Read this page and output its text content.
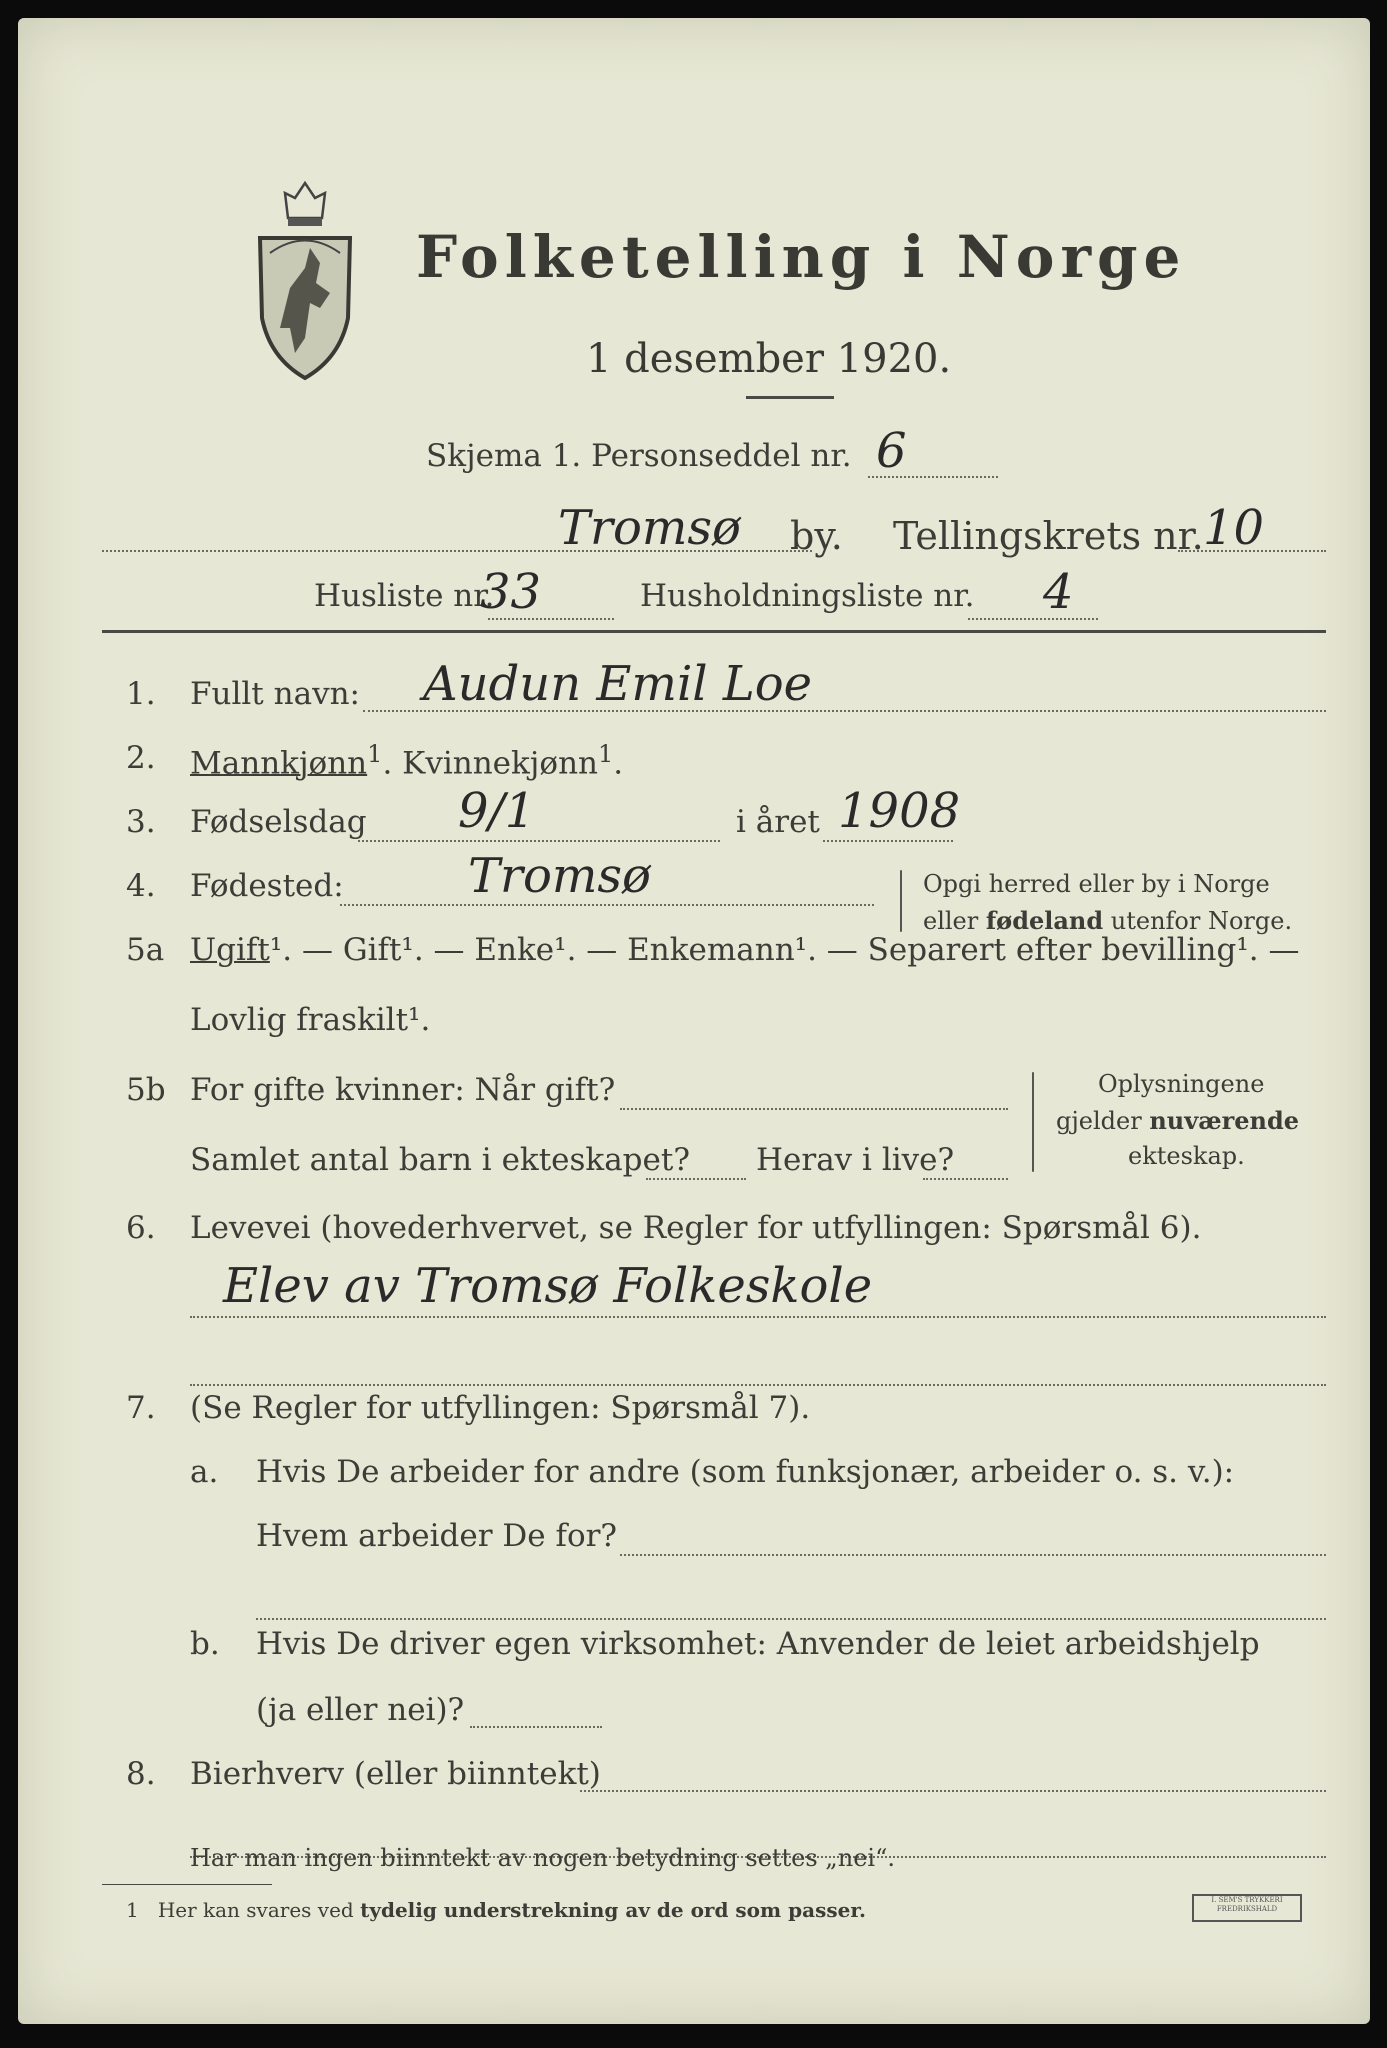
Folketelling i Norge
1 desember 1920.
Skjema 1. Personseddel nr. 6
Tromsø by. Tellingskrets nr. 10
Husliste nr.
33	Husholdningsliste nr. 4
1. Fullt navn: Audun Emil Loe
2. Mannkjønn$^1$. Kvinnekjønn$^1$.
3. Fødselsdag 9/1	i året 1908
4. Fødested:	Tromsø	Opgi herred eller by i Norge
eller fødeland utenfor Norge.
5a Ugift¹. — Gift¹. — Enke¹. — Enkemann¹. — Separert efter bevilling¹. —
Lovlig fraskilt¹.
5b For gifte kvinner: Når gift?
Samlet antal barn i ekteskapet? Herav i live?
Oplysningene
gjelder nuværende
ekteskap.
6. Levevei (hovederhvervet, se Regler for utfyllingen: Spørsmål 6).
Elev av Tromsø Folkeskole
7. (Se Regler for utfyllingen: Spørsmål 7).
a. Hvis De arbeider for andre (som funksjonær, arbeider o. s. v.):
Hvem arbeider De for?
b. Hvis De driver egen virksomhet: Anvender de leiet arbeidshjelp
(ja eller nei)?
8. Bierhverv (eller biinntekt)
Har man ingen biinntekt av nogen betydning settes „nei“.
1 Her kan svares ved tydelig understrekning av de ord som passer.	I. SEM'S TRYKKERI
FREDRIKSHALD
